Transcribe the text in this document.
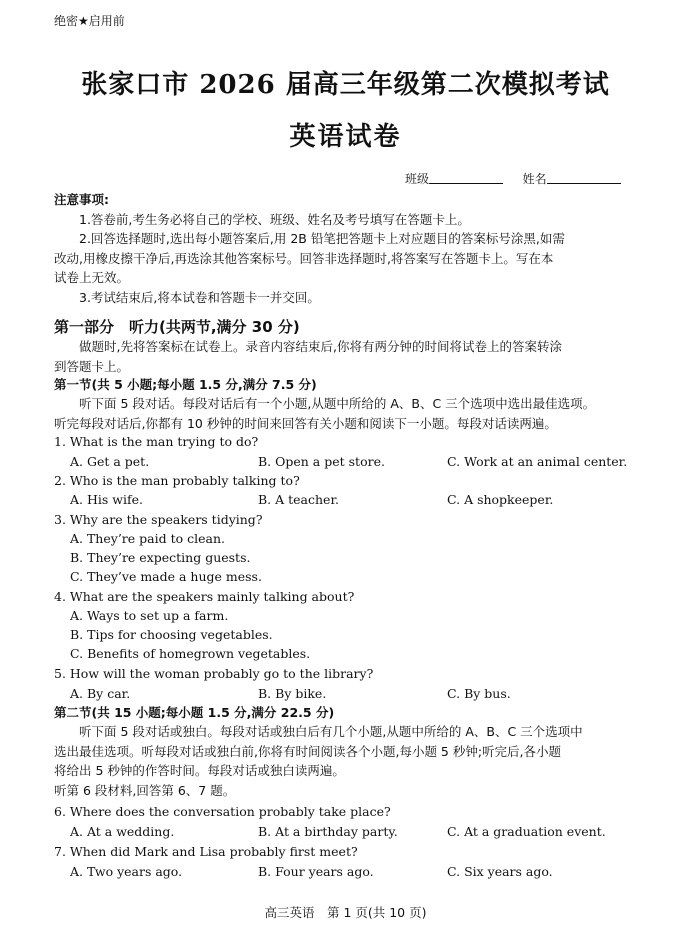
绝密★启用前
张家口市 2026 届高三年级第二次模拟考试
英语试卷
班级	姓名
注意事项:
1.答卷前,考生务必将自己的学校、班级、姓名及考号填写在答题卡上。
2.回答选择题时,选出每小题答案后,用 2B 铅笔把答题卡上对应题目的答案标号涂黑,如需
改动,用橡皮擦干净后,再选涂其他答案标号。回答非选择题时,将答案写在答题卡上。写在本
试卷上无效。
3.考试结束后,将本试卷和答题卡一并交回。
第一部分　听力(共两节,满分 30 分)
做题时,先将答案标在试卷上。录音内容结束后,你将有两分钟的时间将试卷上的答案转涂
到答题卡上。
第一节(共 5 小题;每小题 1.5 分,满分 7.5 分)
听下面 5 段对话。每段对话后有一个小题,从题中所给的 A、B、C 三个选项中选出最佳选项。
听完每段对话后,你都有 10 秒钟的时间来回答有关小题和阅读下一小题。每段对话读两遍。
1. What is the man trying to do?
A. Get a pet.	B. Open a pet store.	C. Work at an animal center.
2. Who is the man probably talking to?
A. His wife.	B. A teacher.	C. A shopkeeper.
3. Why are the speakers tidying?
A. They’re paid to clean.
B. They’re expecting guests.
C. They’ve made a huge mess.
4. What are the speakers mainly talking about?
A. Ways to set up a farm.
B. Tips for choosing vegetables.
C. Benefits of homegrown vegetables.
5. How will the woman probably go to the library?
A. By car.	B. By bike.	C. By bus.
第二节(共 15 小题;每小题 1.5 分,满分 22.5 分)
听下面 5 段对话或独白。每段对话或独白后有几个小题,从题中所给的 A、B、C 三个选项中
选出最佳选项。听每段对话或独白前,你将有时间阅读各个小题,每小题 5 秒钟;听完后,各小题
将给出 5 秒钟的作答时间。每段对话或独白读两遍。
听第 6 段材料,回答第 6、7 题。
6. Where does the conversation probably take place?
A. At a wedding.	B. At a birthday party.	C. At a graduation event.
7. When did Mark and Lisa probably first meet?
A. Two years ago.	B. Four years ago.	C. Six years ago.
高三英语　第 1 页(共 10 页)
